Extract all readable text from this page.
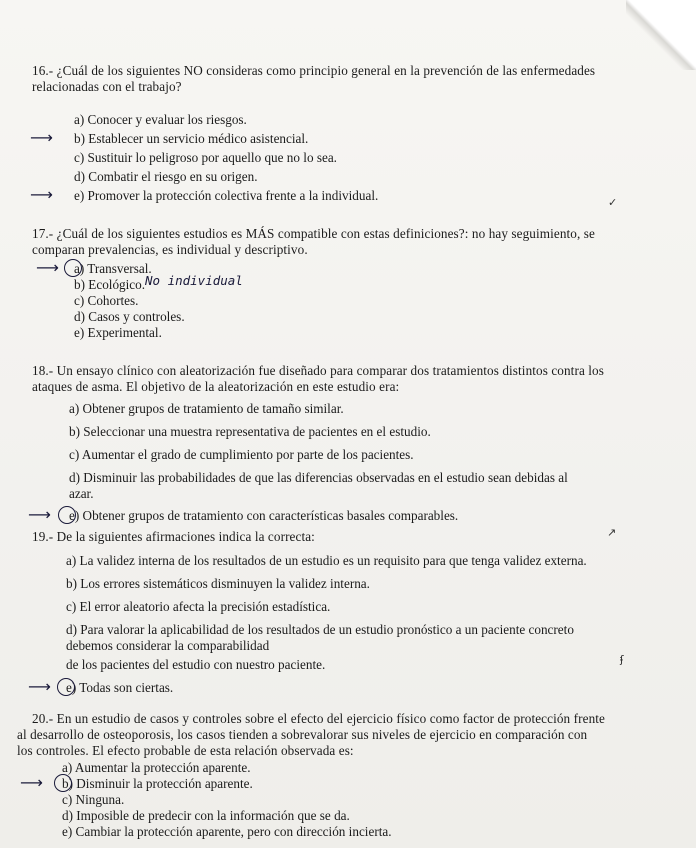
16.- ¿Cuál de los siguientes NO consideras como principio general en la prevención de las enfermedades
relacionadas con el trabajo?
a) Conocer y evaluar los riesgos.
b) Establecer un servicio médico asistencial.
c) Sustituir lo peligroso por aquello que no lo sea.
d) Combatir el riesgo en su origen.
e) Promover la protección colectiva frente a la individual.
⟶
⟶
17.- ¿Cuál de los siguientes estudios es MÁS compatible con estas definiciones?: no hay seguimiento, se
comparan prevalencias, es individual y descriptivo.
a) Transversal.
b) Ecológico.
c) Cohortes.
d) Casos y controles.
e) Experimental.
⟶
No individual
18.- Un ensayo clínico con aleatorización fue diseñado para comparar dos tratamientos distintos contra los
ataques de asma. El objetivo de la aleatorización en este estudio era:
a) Obtener grupos de tratamiento de tamaño similar.
b) Seleccionar una muestra representativa de pacientes en el estudio.
c) Aumentar el grado de cumplimiento por parte de los pacientes.
d) Disminuir las probabilidades de que las diferencias observadas en el estudio sean debidas al
azar.
e) Obtener grupos de tratamiento con características basales comparables.
⟶
19.- De la siguientes afirmaciones indica la correcta:
a) La validez interna de los resultados de un estudio es un requisito para que tenga validez externa.
b) Los errores sistemáticos disminuyen la validez interna.
c) El error aleatorio afecta la precisión estadística.
d) Para valorar la aplicabilidad de los resultados de un estudio pronóstico a un paciente concreto
debemos considerar la comparabilidad
de los pacientes del estudio con nuestro paciente.
e) Todas son ciertas.
⟶
20.- En un estudio de casos y controles sobre el efecto del ejercicio físico como factor de protección frente
al desarrollo de osteoporosis, los casos tienden a sobrevalorar sus niveles de ejercicio en comparación con
los controles. El efecto probable de esta relación observada es:
a) Aumentar la protección aparente.
b) Disminuir la protección aparente.
c) Ninguna.
d) Imposible de predecir con la información que se da.
e) Cambiar la protección aparente, pero con dirección incierta.
⟶
✓
↗
ʄ
